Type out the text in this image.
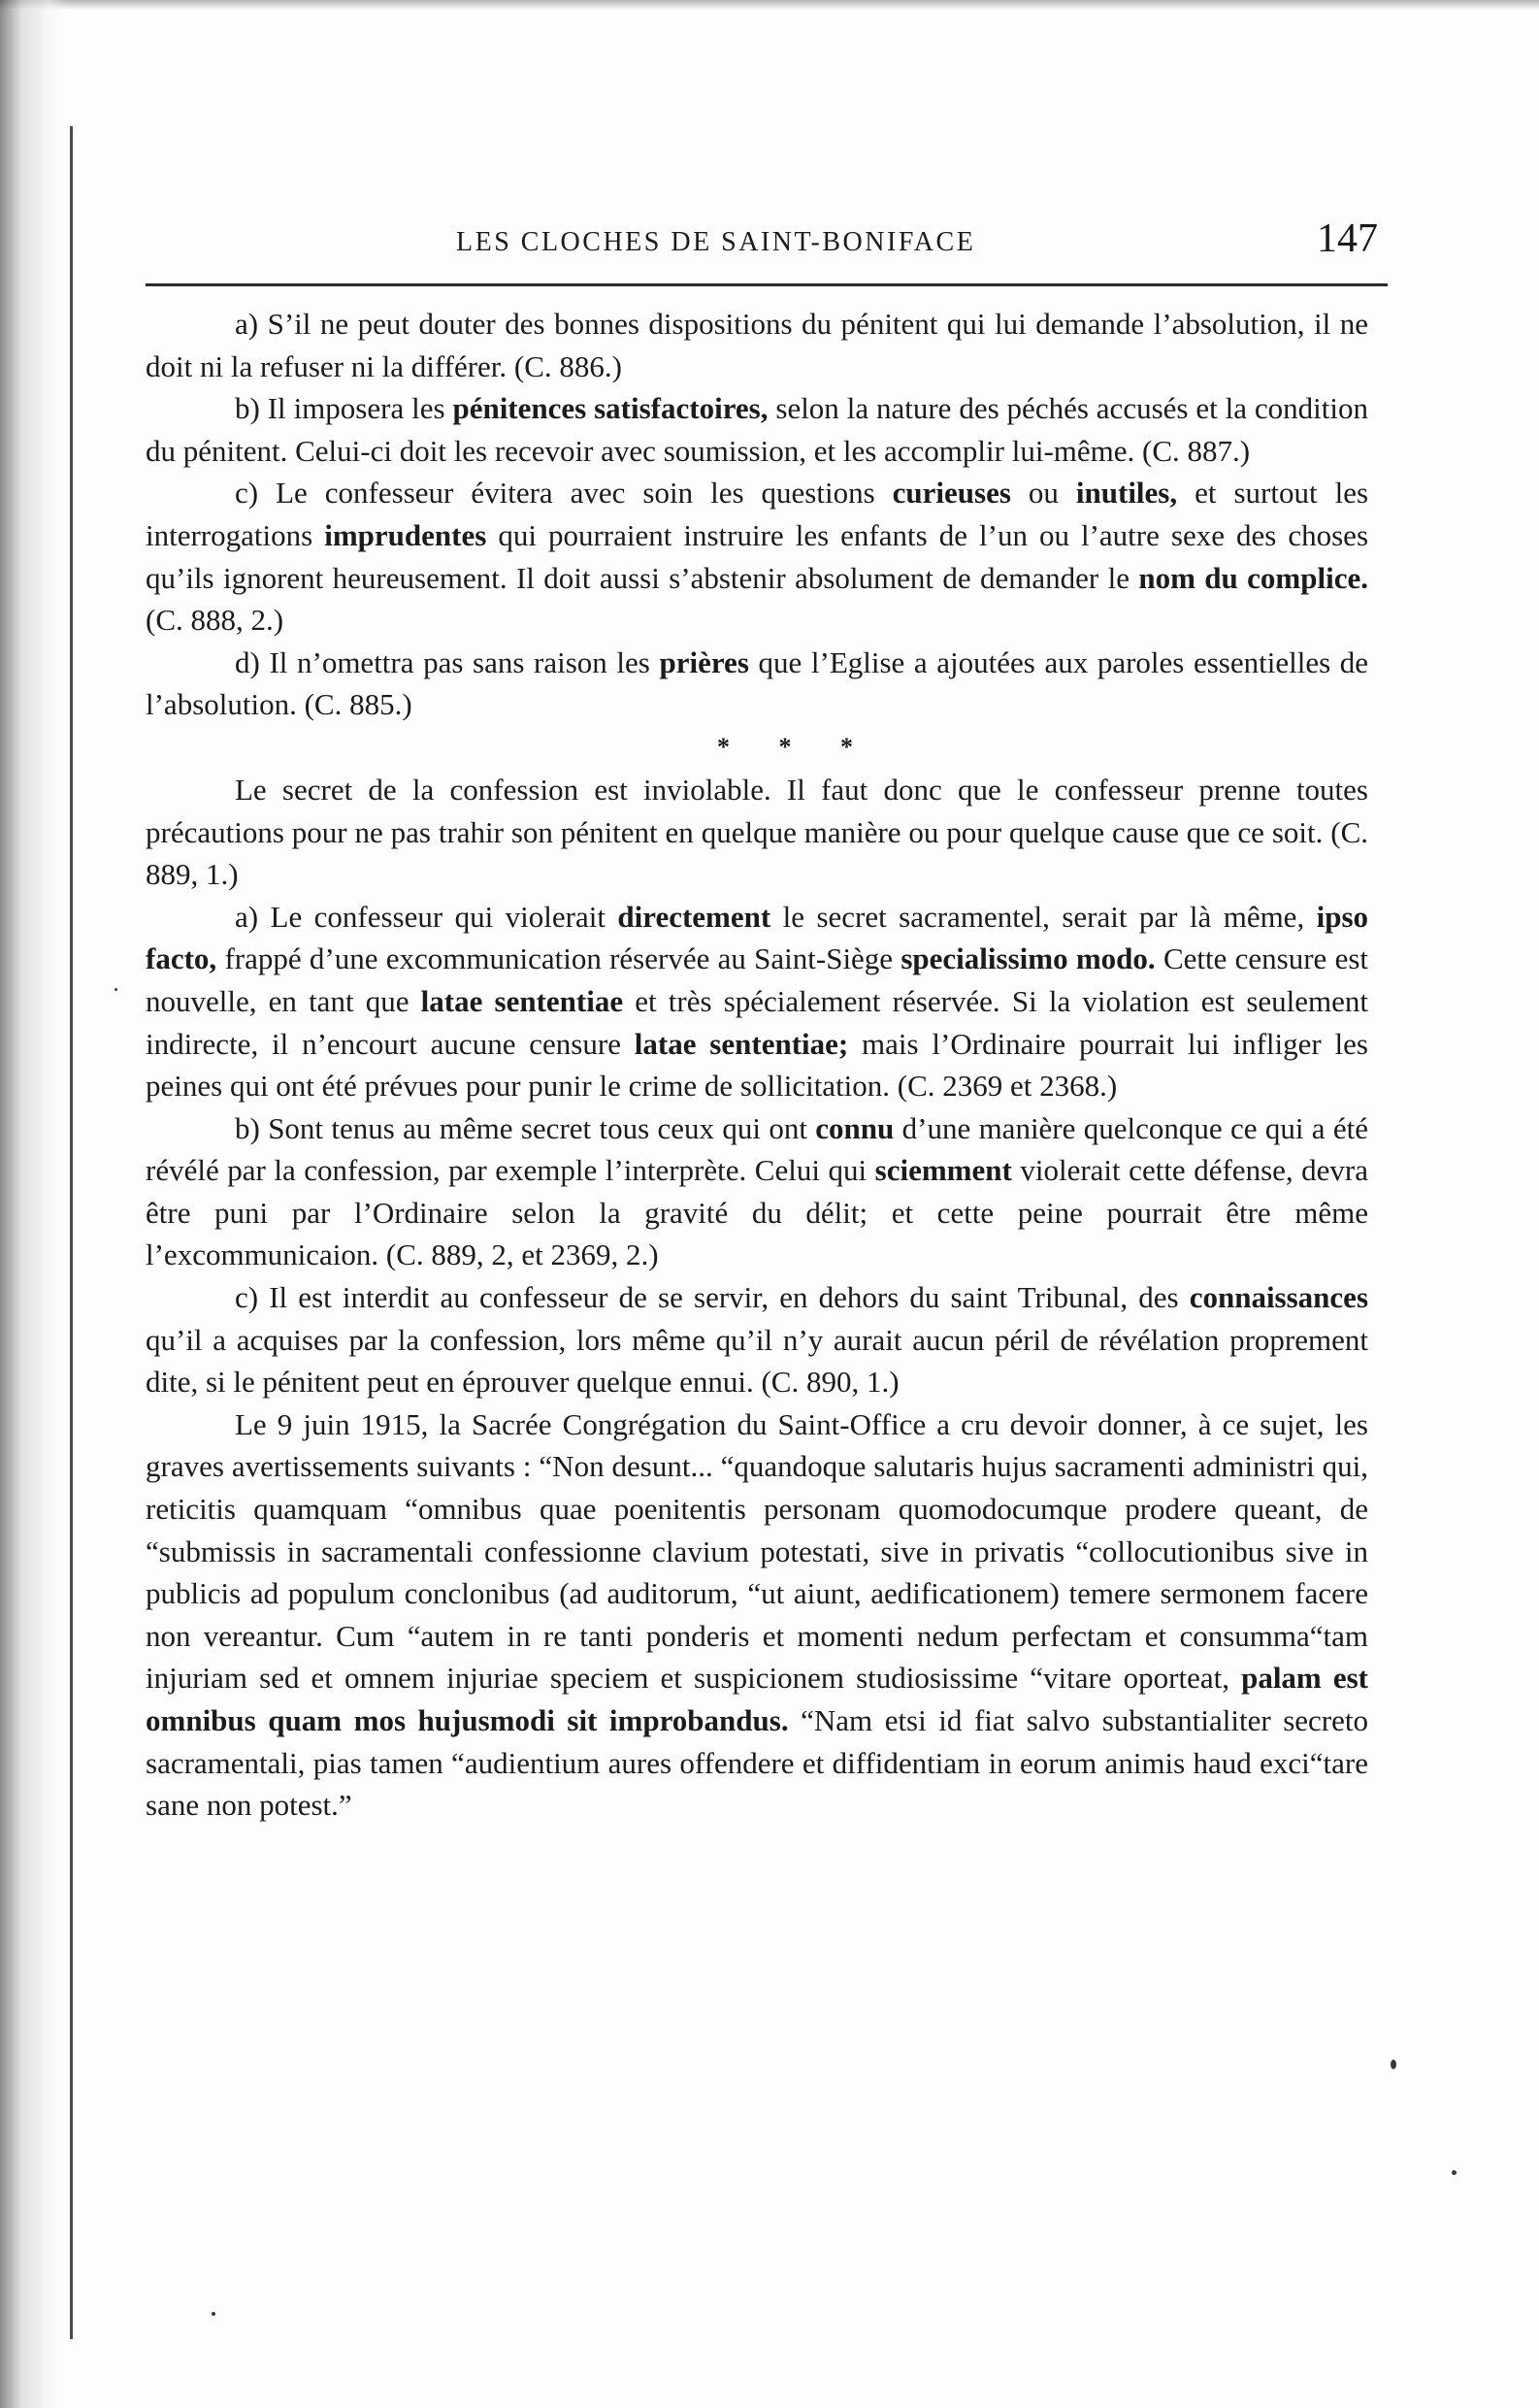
LES CLOCHES DE SAINT-BONIFACE	147

a) S’il ne peut douter des bonnes dispositions du pénitent qui lui demande l’absolution, il ne doit ni la refuser ni la différer. (C. 886.)

b) Il imposera les pénitences satisfactoires, selon la nature des péchés accusés et la condition du pénitent. Celui-ci doit les recevoir avec soumission, et les accomplir lui-même. (C. 887.)

c) Le confesseur évitera avec soin les questions curieuses ou inutiles, et surtout les interrogations imprudentes qui pourraient instruire les enfants de l’un ou l’autre sexe des choses qu’ils ignorent heureusement. Il doit aussi s’abstenir absolument de demander le nom du complice. (C. 888, 2.)

d) Il n’omettra pas sans raison les prières que l’Eglise a ajoutées aux paroles essentielles de l’absolution. (C. 885.)

* * *

Le secret de la confession est inviolable. Il faut donc que le confesseur prenne toutes précautions pour ne pas trahir son pénitent en quelque manière ou pour quelque cause que ce soit. (C. 889, 1.)

a) Le confesseur qui violerait directement le secret sacramentel, serait par là même, ipso facto, frappé d’une excommunication réservée au Saint-Siège specialissimo modo. Cette censure est nouvelle, en tant que latae sententiae et très spécialement réservée. Si la violation est seulement indirecte, il n’encourt aucune censure latae sententiae; mais l’Ordinaire pourrait lui infliger les peines qui ont été prévues pour punir le crime de sollicitation. (C. 2369 et 2368.)

b) Sont tenus au même secret tous ceux qui ont connu d’une manière quelconque ce qui a été révélé par la confession, par exemple l’interprète. Celui qui sciemment violerait cette défense, devra être puni par l’Ordinaire selon la gravité du délit; et cette peine pourrait être même l’excommunicaion. (C. 889, 2, et 2369, 2.)

c) Il est interdit au confesseur de se servir, en dehors du saint Tribunal, des connaissances qu’il a acquises par la confession, lors même qu’il n’y aurait aucun péril de révélation proprement dite, si le pénitent peut en éprouver quelque ennui. (C. 890, 1.)

Le 9 juin 1915, la Sacrée Congrégation du Saint-Office a cru devoir donner, à ce sujet, les graves avertissements suivants : “Non desunt... “quandoque salutaris hujus sacramenti administri qui, reticitis quamquam “omnibus quae poenitentis personam quomodocumque prodere queant, de “submissis in sacramentali confessionne clavium potestati, sive in privatis “collocutionibus sive in publicis ad populum conclonibus (ad auditorum, “ut aiunt, aedificationem) temere sermonem facere non vereantur. Cum “autem in re tanti ponderis et momenti nedum perfectam et consumma“tam injuriam sed et omnem injuriae speciem et suspicionem studiosissime “vitare oporteat, palam est omnibus quam mos hujusmodi sit improbandus. “Nam etsi id fiat salvo substantialiter secreto sacramentali, pias tamen “audientium aures offendere et diffidentiam in eorum animis haud exci“tare sane non potest.”
